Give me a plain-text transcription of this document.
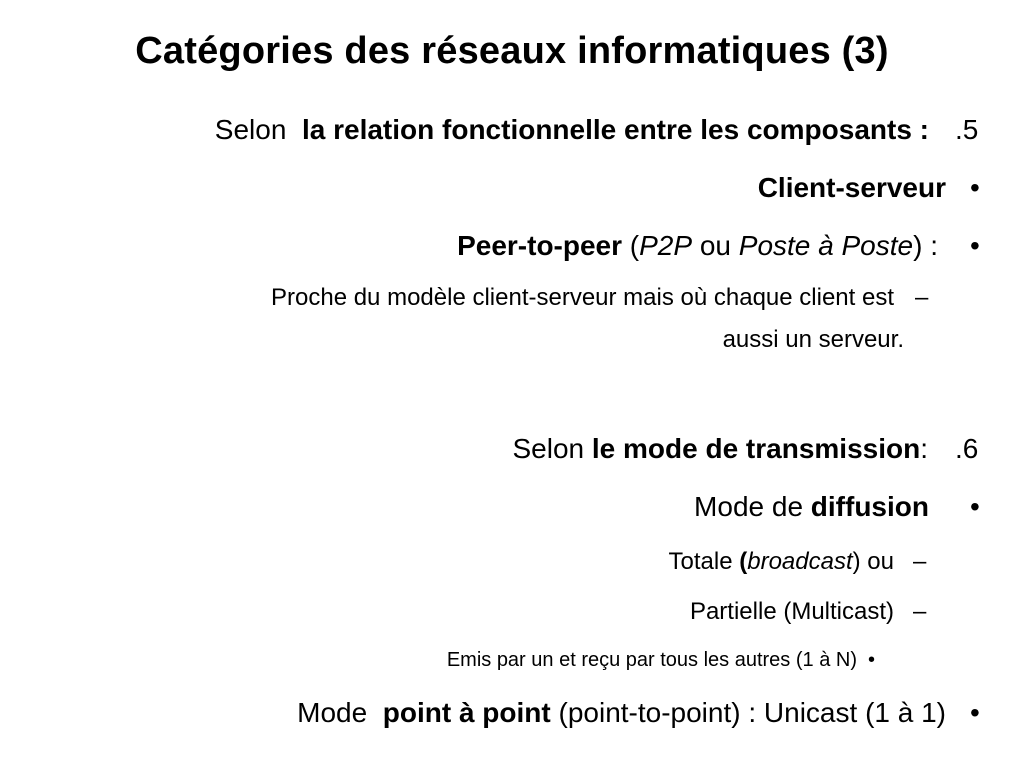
Catégories des réseaux informatiques (3)
Selon la relation fonctionnelle entre les composants : .5
Client-serveur •
Peer-to-peer (P2P ou Poste à Poste) : •
Proche du modèle client-serveur mais où chaque client est
aussi un serveur.
–
Selon le mode de transmission: .6
Mode de diffusion •
Totale (broadcast) ou –
Partielle (Multicast) –
Emis par un et reçu par tous les autres (1 à N) •
Mode  point à point (point-to-point) : Unicast (1 à 1) •
